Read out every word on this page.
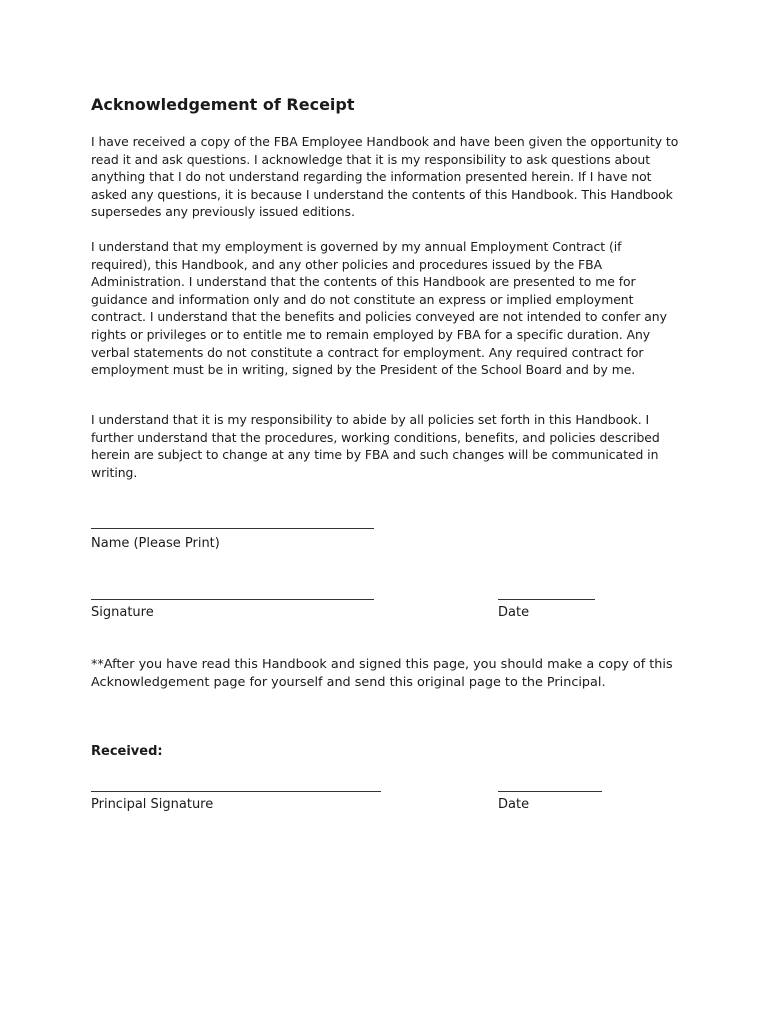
Acknowledgement of Receipt

I have received a copy of the FBA Employee Handbook and have been given the opportunity to read it and ask questions. I acknowledge that it is my responsibility to ask questions about anything that I do not understand regarding the information presented herein. If I have not asked any questions, it is because I understand the contents of this Handbook. This Handbook supersedes any previously issued editions.

I understand that my employment is governed by my annual Employment Contract (if required), this Handbook, and any other policies and procedures issued by the FBA Administration. I understand that the contents of this Handbook are presented to me for guidance and information only and do not constitute an express or implied employment contract. I understand that the benefits and policies conveyed are not intended to confer any rights or privileges or to entitle me to remain employed by FBA for a specific duration. Any verbal statements do not constitute a contract for employment. Any required contract for employment must be in writing, signed by the President of the School Board and by me.

I understand that it is my responsibility to abide by all policies set forth in this Handbook. I further understand that the procedures, working conditions, benefits, and policies described herein are subject to change at any time by FBA and such changes will be communicated in writing.

Name (Please Print)
Signature	Date

**After you have read this Handbook and signed this page, you should make a copy of this Acknowledgement page for yourself and send this original page to the Principal.

Received:
Principal Signature	Date
